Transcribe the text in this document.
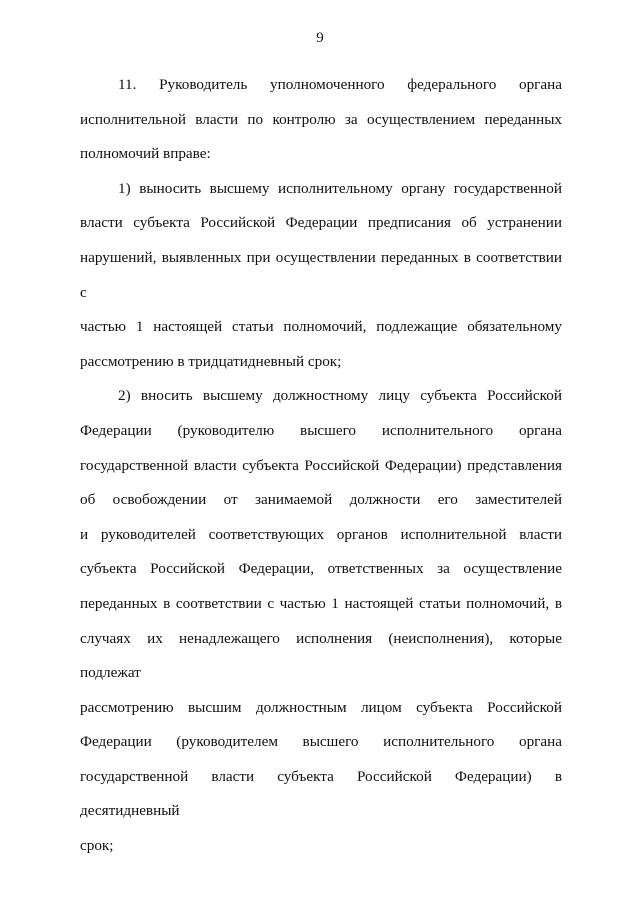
9

11. Руководитель уполномоченного федерального органа
исполнительной власти по контролю за осуществлением переданных
полномочий вправе:

1) выносить высшему исполнительному органу государственной
власти субъекта Российской Федерации предписания об устранении
нарушений, выявленных при осуществлении переданных в соответствии с
частью 1 настоящей статьи полномочий, подлежащие обязательному
рассмотрению в тридцатидневный срок;

2) вносить высшему должностному лицу субъекта Российской
Федерации (руководителю высшего исполнительного органа
государственной власти субъекта Российской Федерации) представления
об освобождении от занимаемой должности его заместителей
и руководителей соответствующих органов исполнительной власти
субъекта Российской Федерации, ответственных за осуществление
переданных в соответствии с частью 1 настоящей статьи полномочий, в
случаях их ненадлежащего исполнения (неисполнения), которые подлежат
рассмотрению высшим должностным лицом субъекта Российской
Федерации (руководителем высшего исполнительного органа
государственной власти субъекта Российской Федерации) в десятидневный
срок;
